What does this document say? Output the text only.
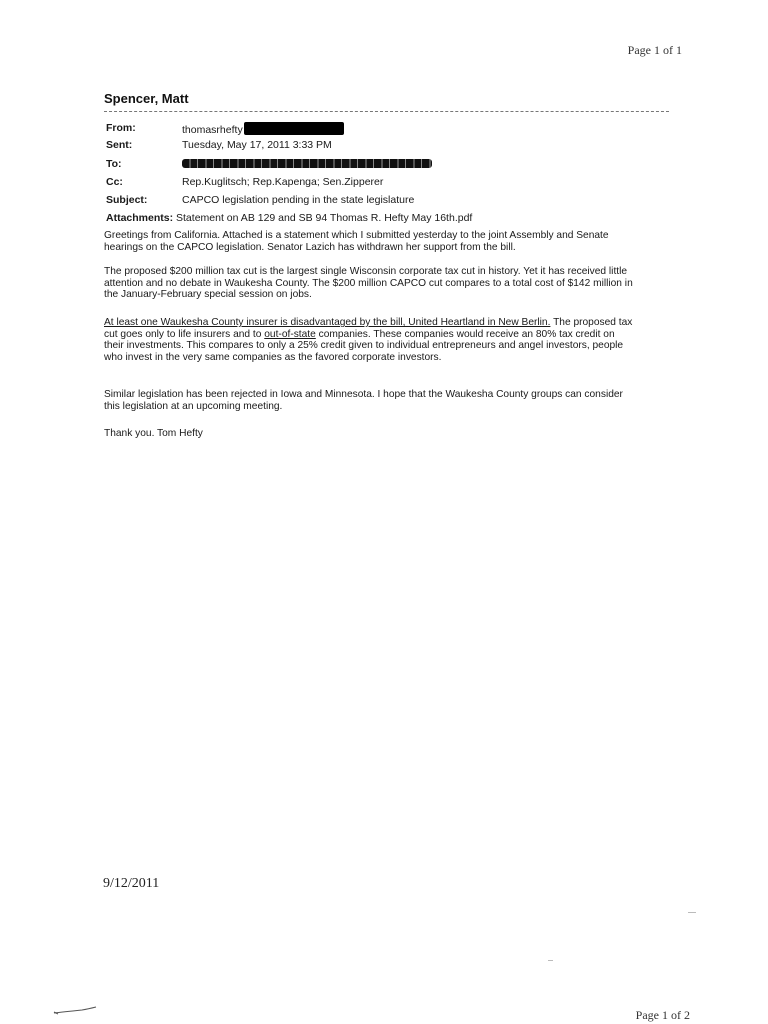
Page 1 of 1
Spencer, Matt
From:	thomasrhefty
Sent:	Tuesday, May 17, 2011 3:33 PM
To:
Cc:	Rep.Kuglitsch; Rep.Kapenga; Sen.Zipperer
Subject:	CAPCO legislation pending in the state legislature
Attachments: Statement on AB 129 and SB 94 Thomas R. Hefty May 16th.pdf
Greetings from California. Attached is a statement which I submitted yesterday to the joint Assembly and Senate hearings on the CAPCO legislation. Senator Lazich has withdrawn her support from the bill.
The proposed $200 million tax cut is the largest single Wisconsin corporate tax cut in history. Yet it has received little attention and no debate in Waukesha County. The $200 million CAPCO cut compares to a total cost of $142 million in the January-February special session on jobs.
At least one Waukesha County insurer is disadvantaged by the bill, United Heartland in New Berlin. The proposed tax cut goes only to life insurers and to out-of-state companies. These companies would receive an 80% tax credit on their investments. This compares to only a 25% credit given to individual entrepreneurs and angel investors, people who invest in the very same companies as the favored corporate investors.
Similar legislation has been rejected in Iowa and Minnesota. I hope that the Waukesha County groups can consider this legislation at an upcoming meeting.
Thank you. Tom Hefty
9/12/2011
Page 1 of 2
